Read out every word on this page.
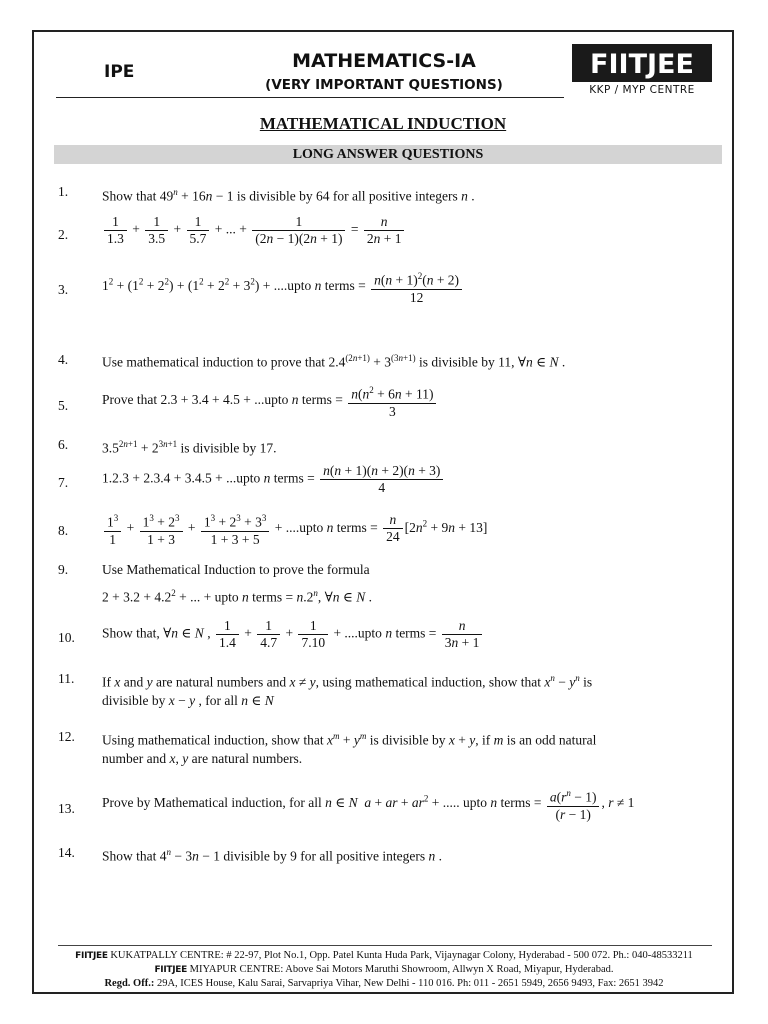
IPE	MATHEMATICS-IA
(VERY IMPORTANT QUESTIONS)
FIITJEE
KKP / MYP CENTRE
MATHEMATICAL INDUCTION
LONG ANSWER QUESTIONS
1.	Show that $49^n + 16n - 1$ is divisible by 64 for all positive integers n .
2.	$\frac{1}{1.3} + \frac{1}{3.5} + \frac{1}{5.7}$ + ... + $\frac{1}{(2n - 1)(2n + 1)} = \frac{n}{2n + 1}$
3.	$1^2 + (1^2 + 2^2) + (1^2 + 2^2 + 3^2)$ + ....upto n terms = $\frac{n(n + 1)^2(n + 2)}{12}$
4.	Use mathematical induction to prove that $2.4^{(2n+1)} + 3^{(3n+1)}$ is divisible by 11, ∀n ∈ N .
5.	Prove that 2.3 + 3.4 + 4.5 + ...upto n terms = $\frac{n(n^2 + 6n + 11)}{3}$
6.	$3.5^{2n+1} + 2^{3n+1}$ is divisible by 17.
7.	1.2.3 + 2.3.4 + 3.4.5 + ...upto n terms = $\frac{n(n + 1)(n + 2)(n + 3)}{4}$
8.	$\frac{1^3}{1} + \frac{1^3 + 2^3}{1 + 3} + \frac{1^3 + 2^3 + 3^3}{1 + 3 + 5}$ + ....upto n terms = $\frac{n}{24} [2n^2 + 9n + 13]$
9.	Use Mathematical Induction to prove the formula
$2 + 3.2 + 4.2^2$ + ... + upto n terms = $n.2^n$, ∀n ∈ N .
10. Show that, ∀n ∈ N , $\frac{1}{1.4} + \frac{1}{4.7} + \frac{1}{7.10}$ + ....upto n terms = $\frac{n}{3n + 1}$
11. If x and y are natural numbers and x ≠ y, using mathematical induction, show that $x^n - y^n$ is
divisible by x − y , for all n ∈ N
12. Using mathematical induction, show that $x^m + y^m$ is divisible by x + y, if m is an odd natural
number and x, y are natural numbers.
13. Prove by Mathematical induction, for all n ∈ N a + ar + $ar^2$ + ..... upto n terms = $\frac{a(r^n - 1)}{(r - 1)}$ , r ≠ 1
14. Show that $4^n - 3n - 1$ divisible by 9 for all positive integers n .
FIITJEE KUKATPALLY CENTRE: # 22-97, Plot No.1, Opp. Patel Kunta Huda Park, Vijaynagar Colony, Hyderabad - 500 072. Ph.: 040-48533211
FIITJEE MIYAPUR CENTRE: Above Sai Motors Maruthi Showroom, Allwyn X Road, Miyapur, Hyderabad.
Regd. Off.: 29A, ICES House, Kalu Sarai, Sarvapriya Vihar, New Delhi - 110 016. Ph: 011 - 2651 5949, 2656 9493, Fax: 2651 3942
